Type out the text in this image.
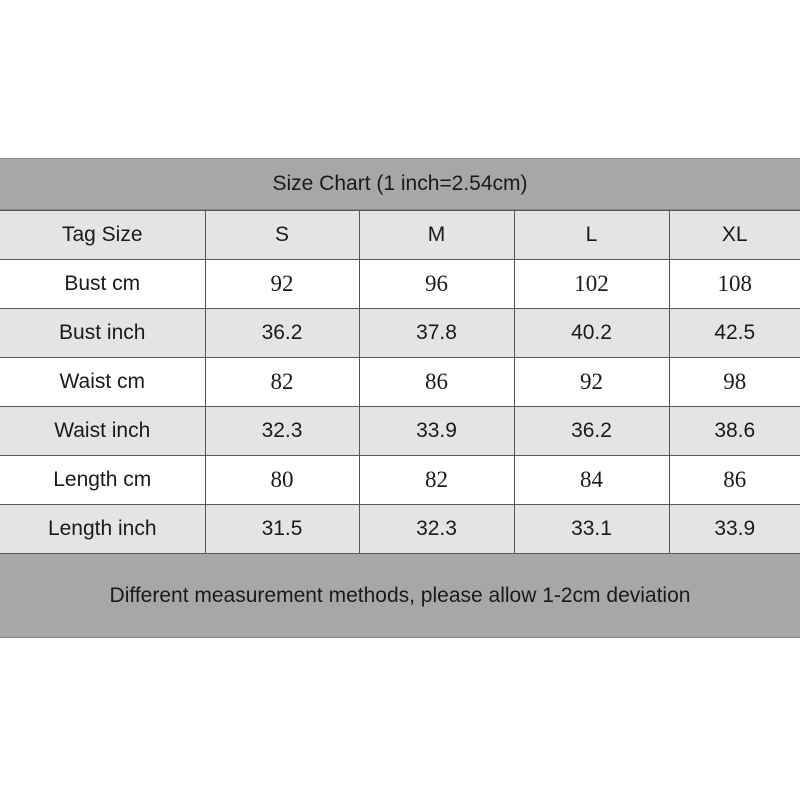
Size Chart (1 inch=2.54cm)
Tag Size	S	M	L	XL
Bust cm	92	96	102	108
Bust inch	36.2	37.8	40.2	42.5
Waist cm	82	86	92	98
Waist inch	32.3	33.9	36.2	38.6
Length cm	80	82	84	86
Length inch	31.5	32.3	33.1	33.9
Different measurement methods, please allow 1-2cm deviation
